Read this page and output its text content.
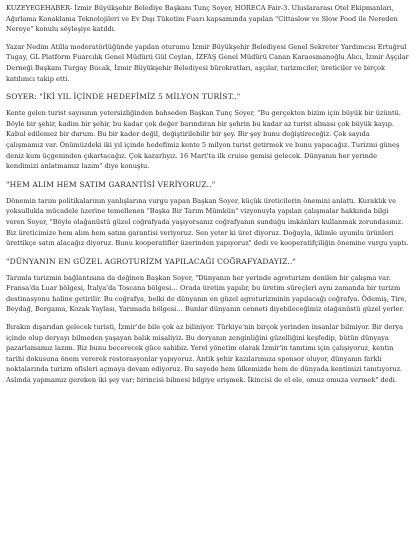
KUZEYEGEHABER- İzmir Büyükşehir Belediye Başkanı Tunç Soyer, HORECA Fair-3. Uluslararası Otel Ekipmanları, Ağırlama Konaklama Teknolojileri ve Ev Dışı Tüketim Fuarı kapsamında yapılan "Cittaslow ve Slow Food ile Nereden Nereye" konulu söyleşiye katıldı.

Yazar Nedim Atilla moderatörlüğünde yapılan oturumu İzmir Büyükşehir Belediyesi Genel Sekreter Yardımcısı Ertuğrul Tugay, GL Platform Fuarcılık Genel Müdürü Gül Ceylan, İZFAŞ Genel Müdürü Canan Karaosmanoğlu Alıcı, İzmir Aşçılar Derneği Başkanı Turgay Bucak, İzmir Büyükşehir Belediyesi bürokratları, aşçılar, turizmciler, üreticiler ve birçok katılımcı takip etti.

SOYER: "İKİ YIL İÇİNDE HEDEFİMİZ 5 MİLYON TURİST.."

Kente gelen turist sayısının yetersizliğinden bahseden Başkan Tunç Soyer, "Bu gerçekten bizim için büyük bir üzüntü. Böyle bir şehir, kadim bir şehir, bu kadar çok değer barındıran bir şehrin bu kadar az turist alması çok büyük kayıp. Kabul edilemez bir durum. Bu bir kader değil, değiştirilebilir bir şey. Bir şey bunu değiştireceğiz. Çok sayıda çalışmamız var. Önümüzdeki iki yıl içinde hedefimiz kente 5 milyon turist getirmek ve bunu yapacağız. Turizmi güneş deniz kum üçgeninden çıkartacağız. Çok kararlıyız. 16 Mart'ta ilk cruise gemisi gelecek. Dünyanın her yerinde kendimizi anlatmamız lazım" diye konuştu.

"HEM ALIM HEM SATIM GARANTİSİ VERİYORUZ.."

Dönemin tarım politikalarının yanlışlarına vurgu yapan Başkan Soyer, küçük üreticilerin önemini anlattı. Kuraklık ve yoksullukla mücadele üzerine temellenen "Başka Bir Tarım Mümkün" vizyonuyla yapılan çalışmalar hakkında bilgi veren Soyer, "Böyle olağanüstü güzel coğrafyada yaşıyorsanız coğrafyanın sunduğu imkânları kullanmak zorundasınız. Biz üreticimize hem alım hem satım garantisi veriyoruz. Sen yeter ki üret diyoruz. Doğayla, iklimle uyumlu ürünleri ürettikçe satın alacağız diyoruz. Bunu kooperatifler üzerinden yapıyoruz" dedi ve kooperatifçiliğin önemine vurgu yaptı.

"DÜNYANIN EN GÜZEL AGROTURİZM YAPILACAĞI COĞRAFYADAYIZ.."

Tarımla turizmin bağlantısına da değinen Başkan Soyer, "Dünyanın her yerinde agroturizm denilen bir çalışma var. Fransa'da Luar bölgesi, İtalya'da Toscana bölgesi… Orada üretim yapılır, bu üretim süreçleri aynı zamanda bir turizm destinasyonu haline getirilir. Bu coğrafya, belki de dünyanın en güzel agroturizminin yapılacağı coğrafya. Ödemiş, Tire, Beydağ, Bergama, Kozak Yaylası, Yarımada bölgesi… Bunlar dünyanın cenneti diyebileceğimiz olağanüstü güzel yerler.

Bırakın dışarıdan gelecek turisti, İzmir'de bile çok az biliniyor. Türkiye'nin birçok yerinden insanlar bilmiyor. Bir derya içinde olup deryayı bilmeden yaşayan balık misaliyiz. Bu deryanın zenginliğini güzelliğini keşfedip, bütün dünyaya pazarlamamız lazım. Biz bunu becerecek güce sahibiz. Yerel yönetim olarak İzmir'in tanıtımı için çalışıyoruz, kentin tarihi dokusuna önem vererek restorasyonlar yapıyoruz. Antik şehir kazılarımıza sponsor oluyor, dünyanın farklı noktalarında turizm ofisleri açmaya devam ediyoruz. Bu sayede hem ülkemizde hem de dünyada kentimizi tanıtıyoruz. Aslında yapmamız gereken iki şey var; birincisi bilmesi bilgiye erişmek. İkincisi de el ele, omuz omuza vermek" dedi.
